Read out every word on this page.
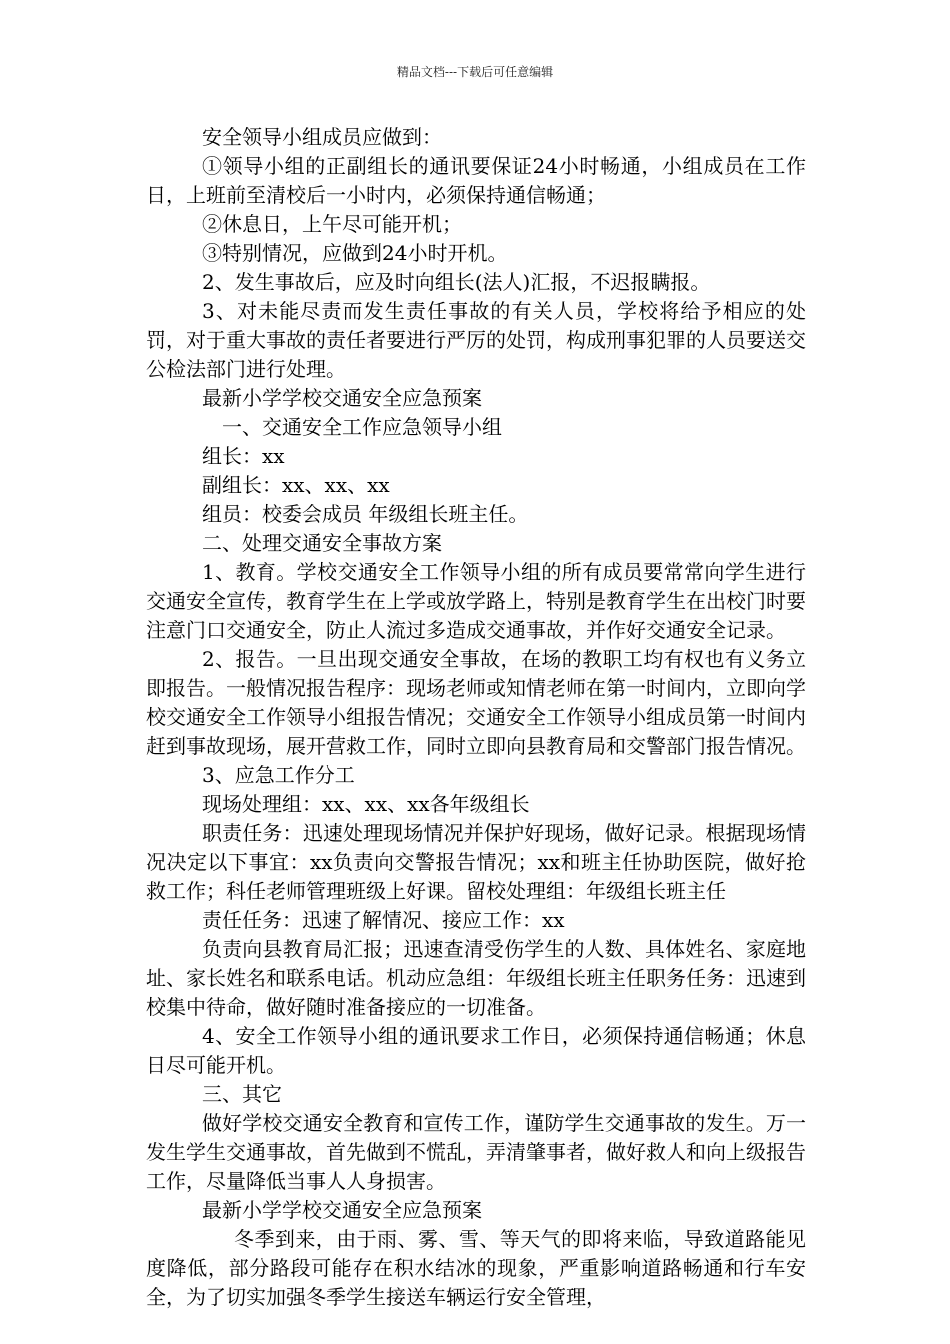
精品文档---下载后可任意编辑

安全领导小组成员应做到：

①领导小组的正副组长的通讯要保证24小时畅通，小组成员在工作日，上班前至清校后一小时内，必须保持通信畅通；

②休息日，上午尽可能开机；

③特别情况，应做到24小时开机。

2、发生事故后，应及时向组长(法人)汇报，不迟报瞒报。

3、对未能尽责而发生责任事故的有关人员，学校将给予相应的处罚，对于重大事故的责任者要进行严厉的处罚，构成刑事犯罪的人员要送交公检法部门进行处理。

最新小学学校交通安全应急预案

一、交通安全工作应急领导小组

组长：xx

副组长：xx、xx、xx

组员：校委会成员 年级组长班主任。

二、处理交通安全事故方案

1、教育。学校交通安全工作领导小组的所有成员要常常向学生进行交通安全宣传，教育学生在上学或放学路上，特别是教育学生在出校门时要注意门口交通安全，防止人流过多造成交通事故，并作好交通安全记录。

2、报告。一旦出现交通安全事故，在场的教职工均有权也有义务立即报告。一般情况报告程序：现场老师或知情老师在第一时间内，立即向学校交通安全工作领导小组报告情况；交通安全工作领导小组成员第一时间内赶到事故现场，展开营救工作，同时立即向县教育局和交警部门报告情况。

3、应急工作分工

现场处理组：xx、xx、xx各年级组长

职责任务：迅速处理现场情况并保护好现场，做好记录。根据现场情况决定以下事宜：xx负责向交警报告情况；xx和班主任协助医院，做好抢救工作；科任老师管理班级上好课。留校处理组：年级组长班主任

责任任务：迅速了解情况、接应工作：xx

负责向县教育局汇报；迅速查清受伤学生的人数、具体姓名、家庭地址、家长姓名和联系电话。机动应急组：年级组长班主任职务任务：迅速到校集中待命，做好随时准备接应的一切准备。

4、安全工作领导小组的通讯要求工作日，必须保持通信畅通；休息日尽可能开机。

三、其它

做好学校交通安全教育和宣传工作，谨防学生交通事故的发生。万一发生学生交通事故，首先做到不慌乱，弄清肇事者，做好救人和向上级报告工作，尽量降低当事人人身损害。

最新小学学校交通安全应急预案

冬季到来，由于雨、雾、雪、等天气的即将来临，导致道路能见度降低，部分路段可能存在积水结冰的现象，严重影响道路畅通和行车安全，为了切实加强冬季学生接送车辆运行安全管理，
